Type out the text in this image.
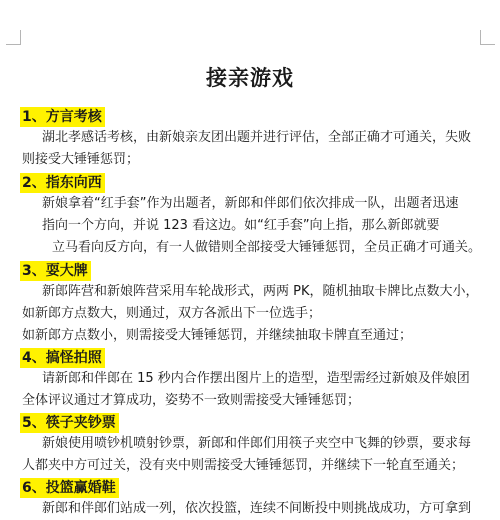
接亲游戏
1、方言考核
湖北孝感话考核，由新娘亲友团出题并进行评估，全部正确才可通关，失败
则接受大锤锤惩罚；
2、指东向西
新娘拿着“红手套”作为出题者，新郎和伴郎们依次排成一队，出题者迅速
指向一个方向，并说 123 看这边。如“红手套”向上指，那么新郎就要
立马看向反方向，有一人做错则全部接受大锤锤惩罚，全员正确才可通关。
3、耍大牌
新郎阵营和新娘阵营采用车轮战形式，两两 PK，随机抽取卡牌比点数大小，
如新郎方点数大，则通过，双方各派出下一位选手；
如新郎方点数小，则需接受大锤锤惩罚，并继续抽取卡牌直至通过；
4、搞怪拍照
请新郎和伴郎在 15 秒内合作摆出图片上的造型，造型需经过新娘及伴娘团
全体评议通过才算成功，姿势不一致则需接受大锤锤惩罚；
5、筷子夹钞票
新娘使用喷钞机喷射钞票，新郎和伴郎们用筷子夹空中飞舞的钞票，要求每
人都夹中方可过关，没有夹中则需接受大锤锤惩罚，并继续下一轮直至通关；
6、投篮赢婚鞋
新郎和伴郎们站成一列，依次投篮，连续不间断投中则挑战成功，方可拿到
